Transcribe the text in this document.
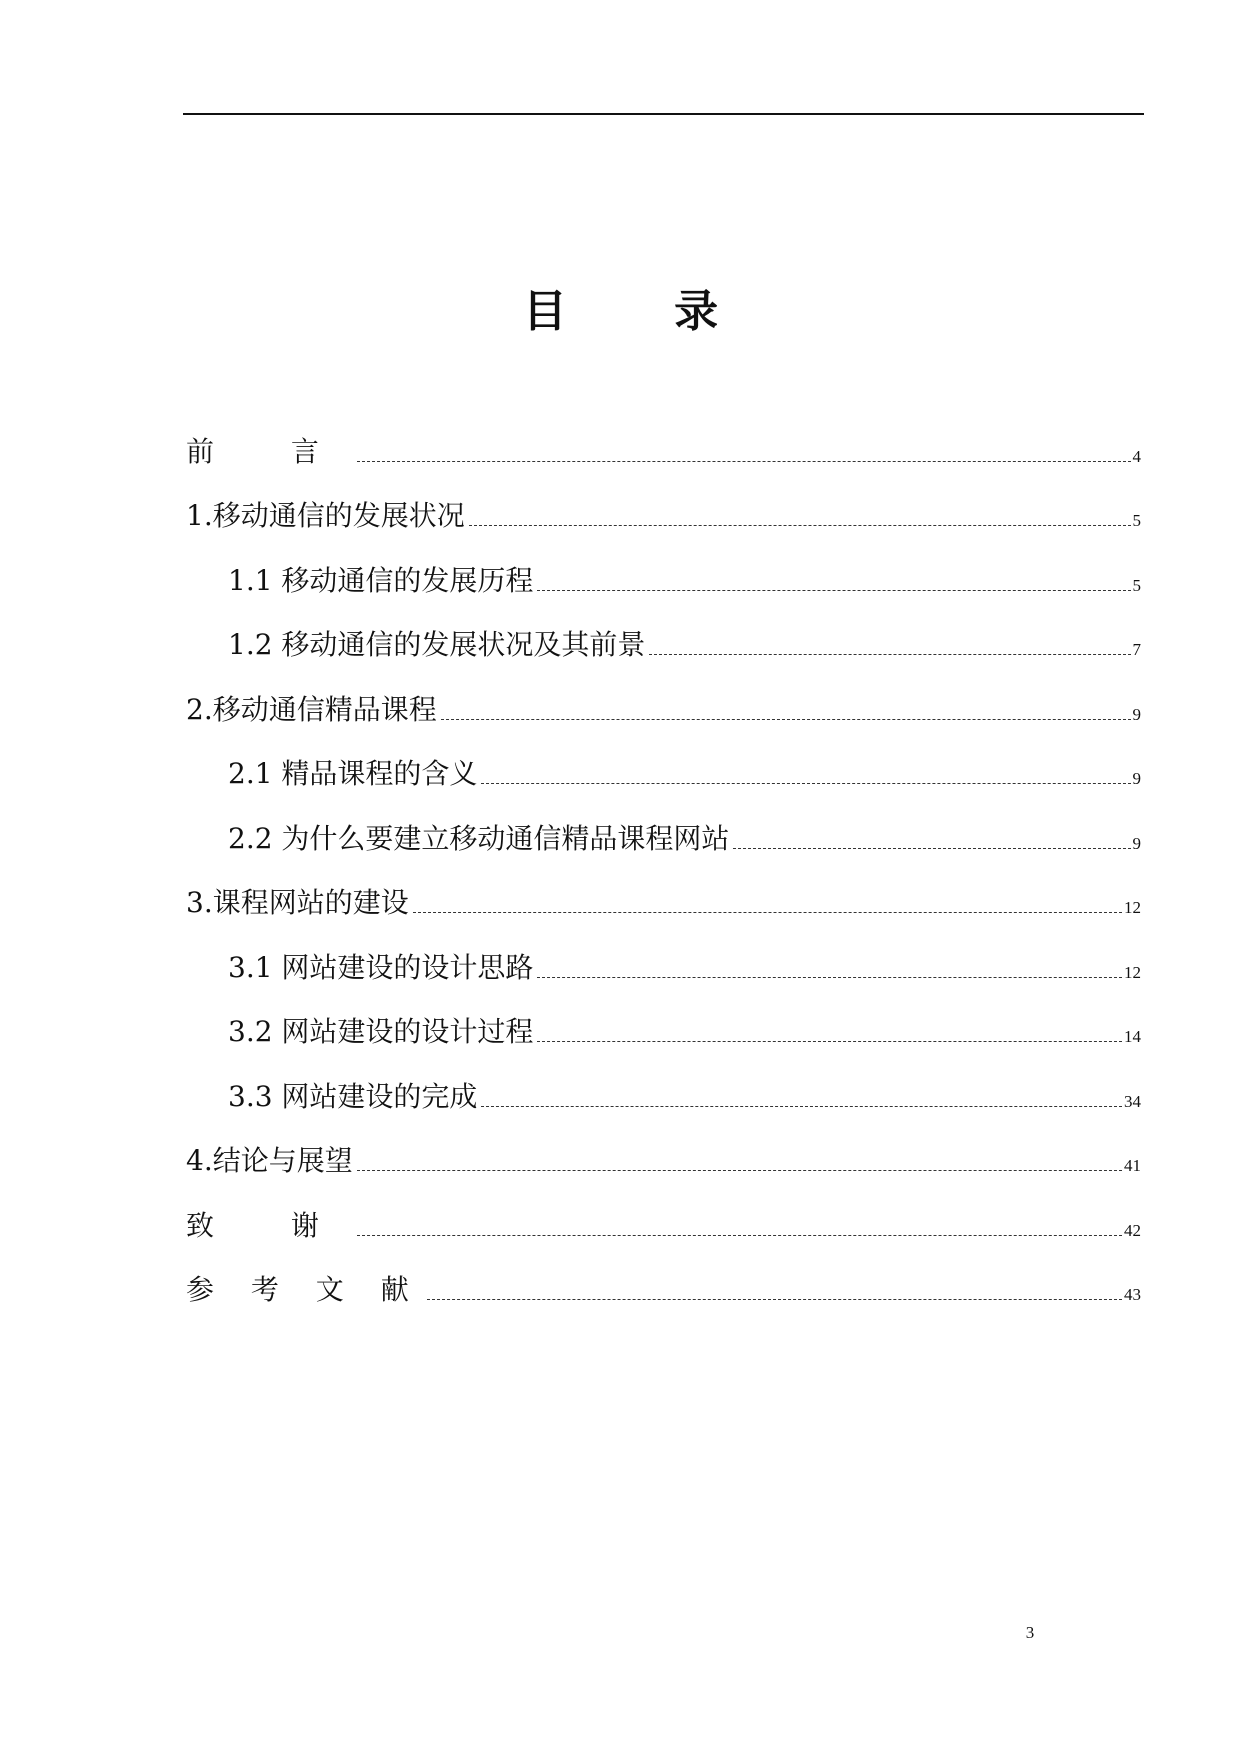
目 录
前 言	4
1.移动通信的发展状况	5
1.1 移动通信的发展历程	5
1.2 移动通信的发展状况及其前景	7
2.移动通信精品课程	9
2.1 精品课程的含义	9
2.2 为什么要建立移动通信精品课程网站	9
3.课程网站的建设	12
3.1 网站建设的设计思路	12
3.2 网站建设的设计过程	14
3.3 网站建设的完成	34
4.结论与展望	41
致 谢	42
参 考 文 献	43
3
